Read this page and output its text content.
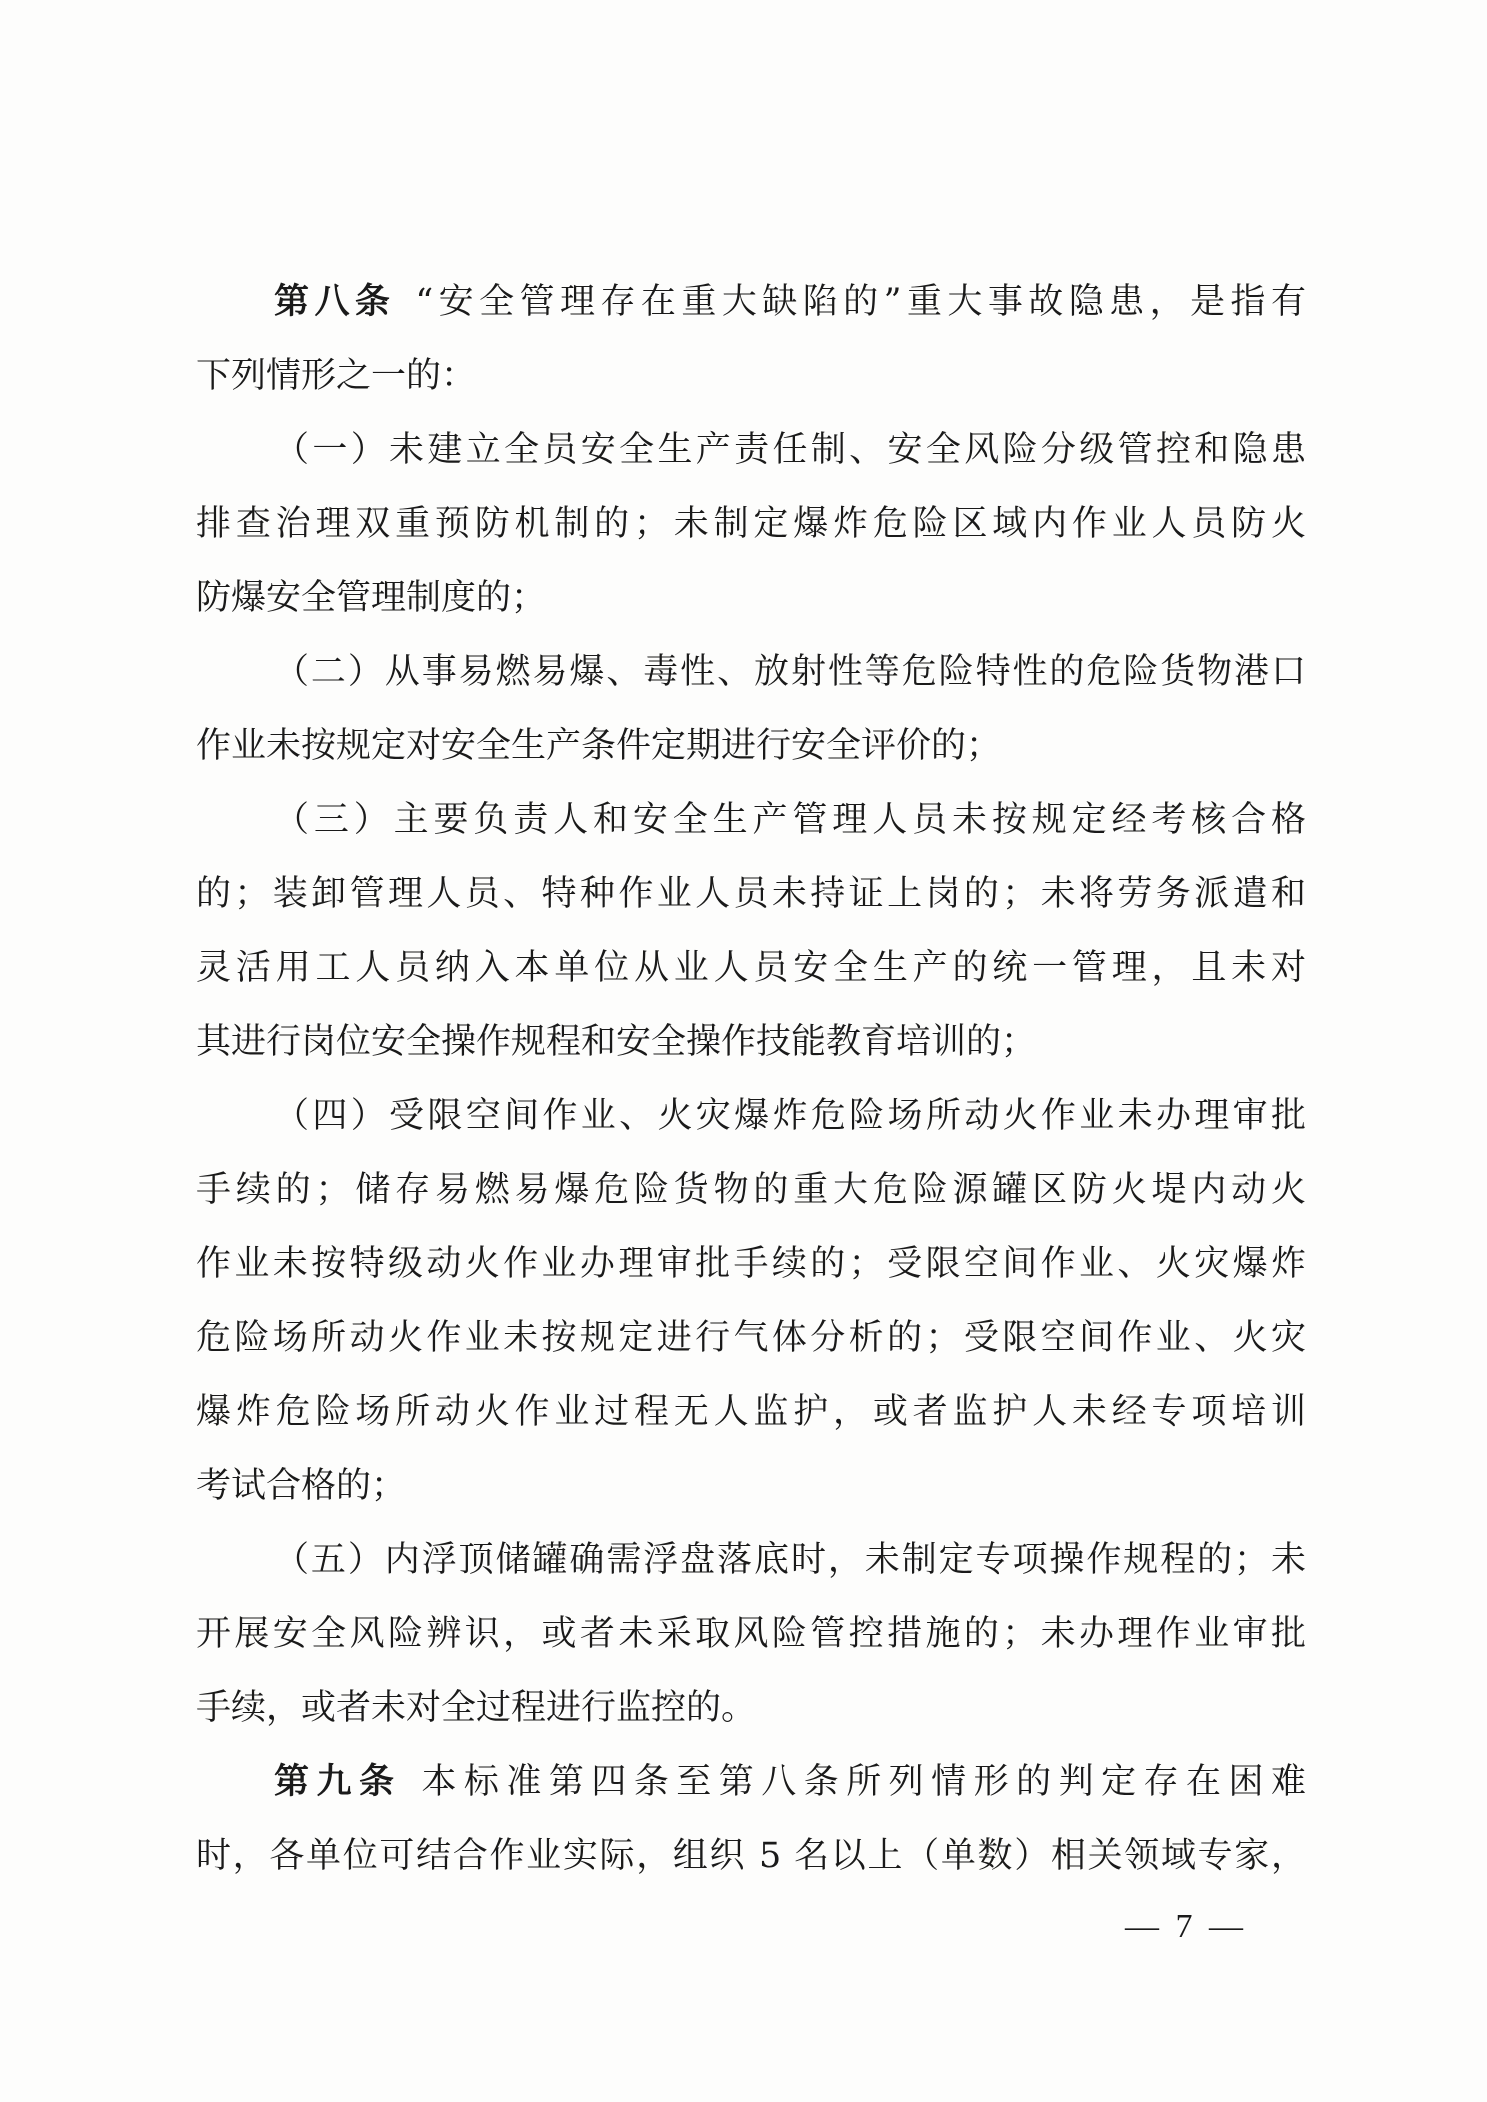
第八条 “安全管理存在重大缺陷的”重大事故隐患，是指有
下列情形之一的：
（一）未建立全员安全生产责任制、安全风险分级管控和隐患
排查治理双重预防机制的；未制定爆炸危险区域内作业人员防火
防爆安全管理制度的；
（二）从事易燃易爆、毒性、放射性等危险特性的危险货物港口
作业未按规定对安全生产条件定期进行安全评价的；
（三）主要负责人和安全生产管理人员未按规定经考核合格
的；装卸管理人员、特种作业人员未持证上岗的；未将劳务派遣和
灵活用工人员纳入本单位从业人员安全生产的统一管理，且未对
其进行岗位安全操作规程和安全操作技能教育培训的；
（四）受限空间作业、火灾爆炸危险场所动火作业未办理审批
手续的；储存易燃易爆危险货物的重大危险源罐区防火堤内动火
作业未按特级动火作业办理审批手续的；受限空间作业、火灾爆炸
危险场所动火作业未按规定进行气体分析的；受限空间作业、火灾
爆炸危险场所动火作业过程无人监护，或者监护人未经专项培训
考试合格的；
（五）内浮顶储罐确需浮盘落底时，未制定专项操作规程的；未
开展安全风险辨识，或者未采取风险管控措施的；未办理作业审批
手续，或者未对全过程进行监控的。
第九条 本标准第四条至第八条所列情形的判定存在困难
时，各单位可结合作业实际，组织 5 名以上（单数）相关领域专家，
— 7 —
